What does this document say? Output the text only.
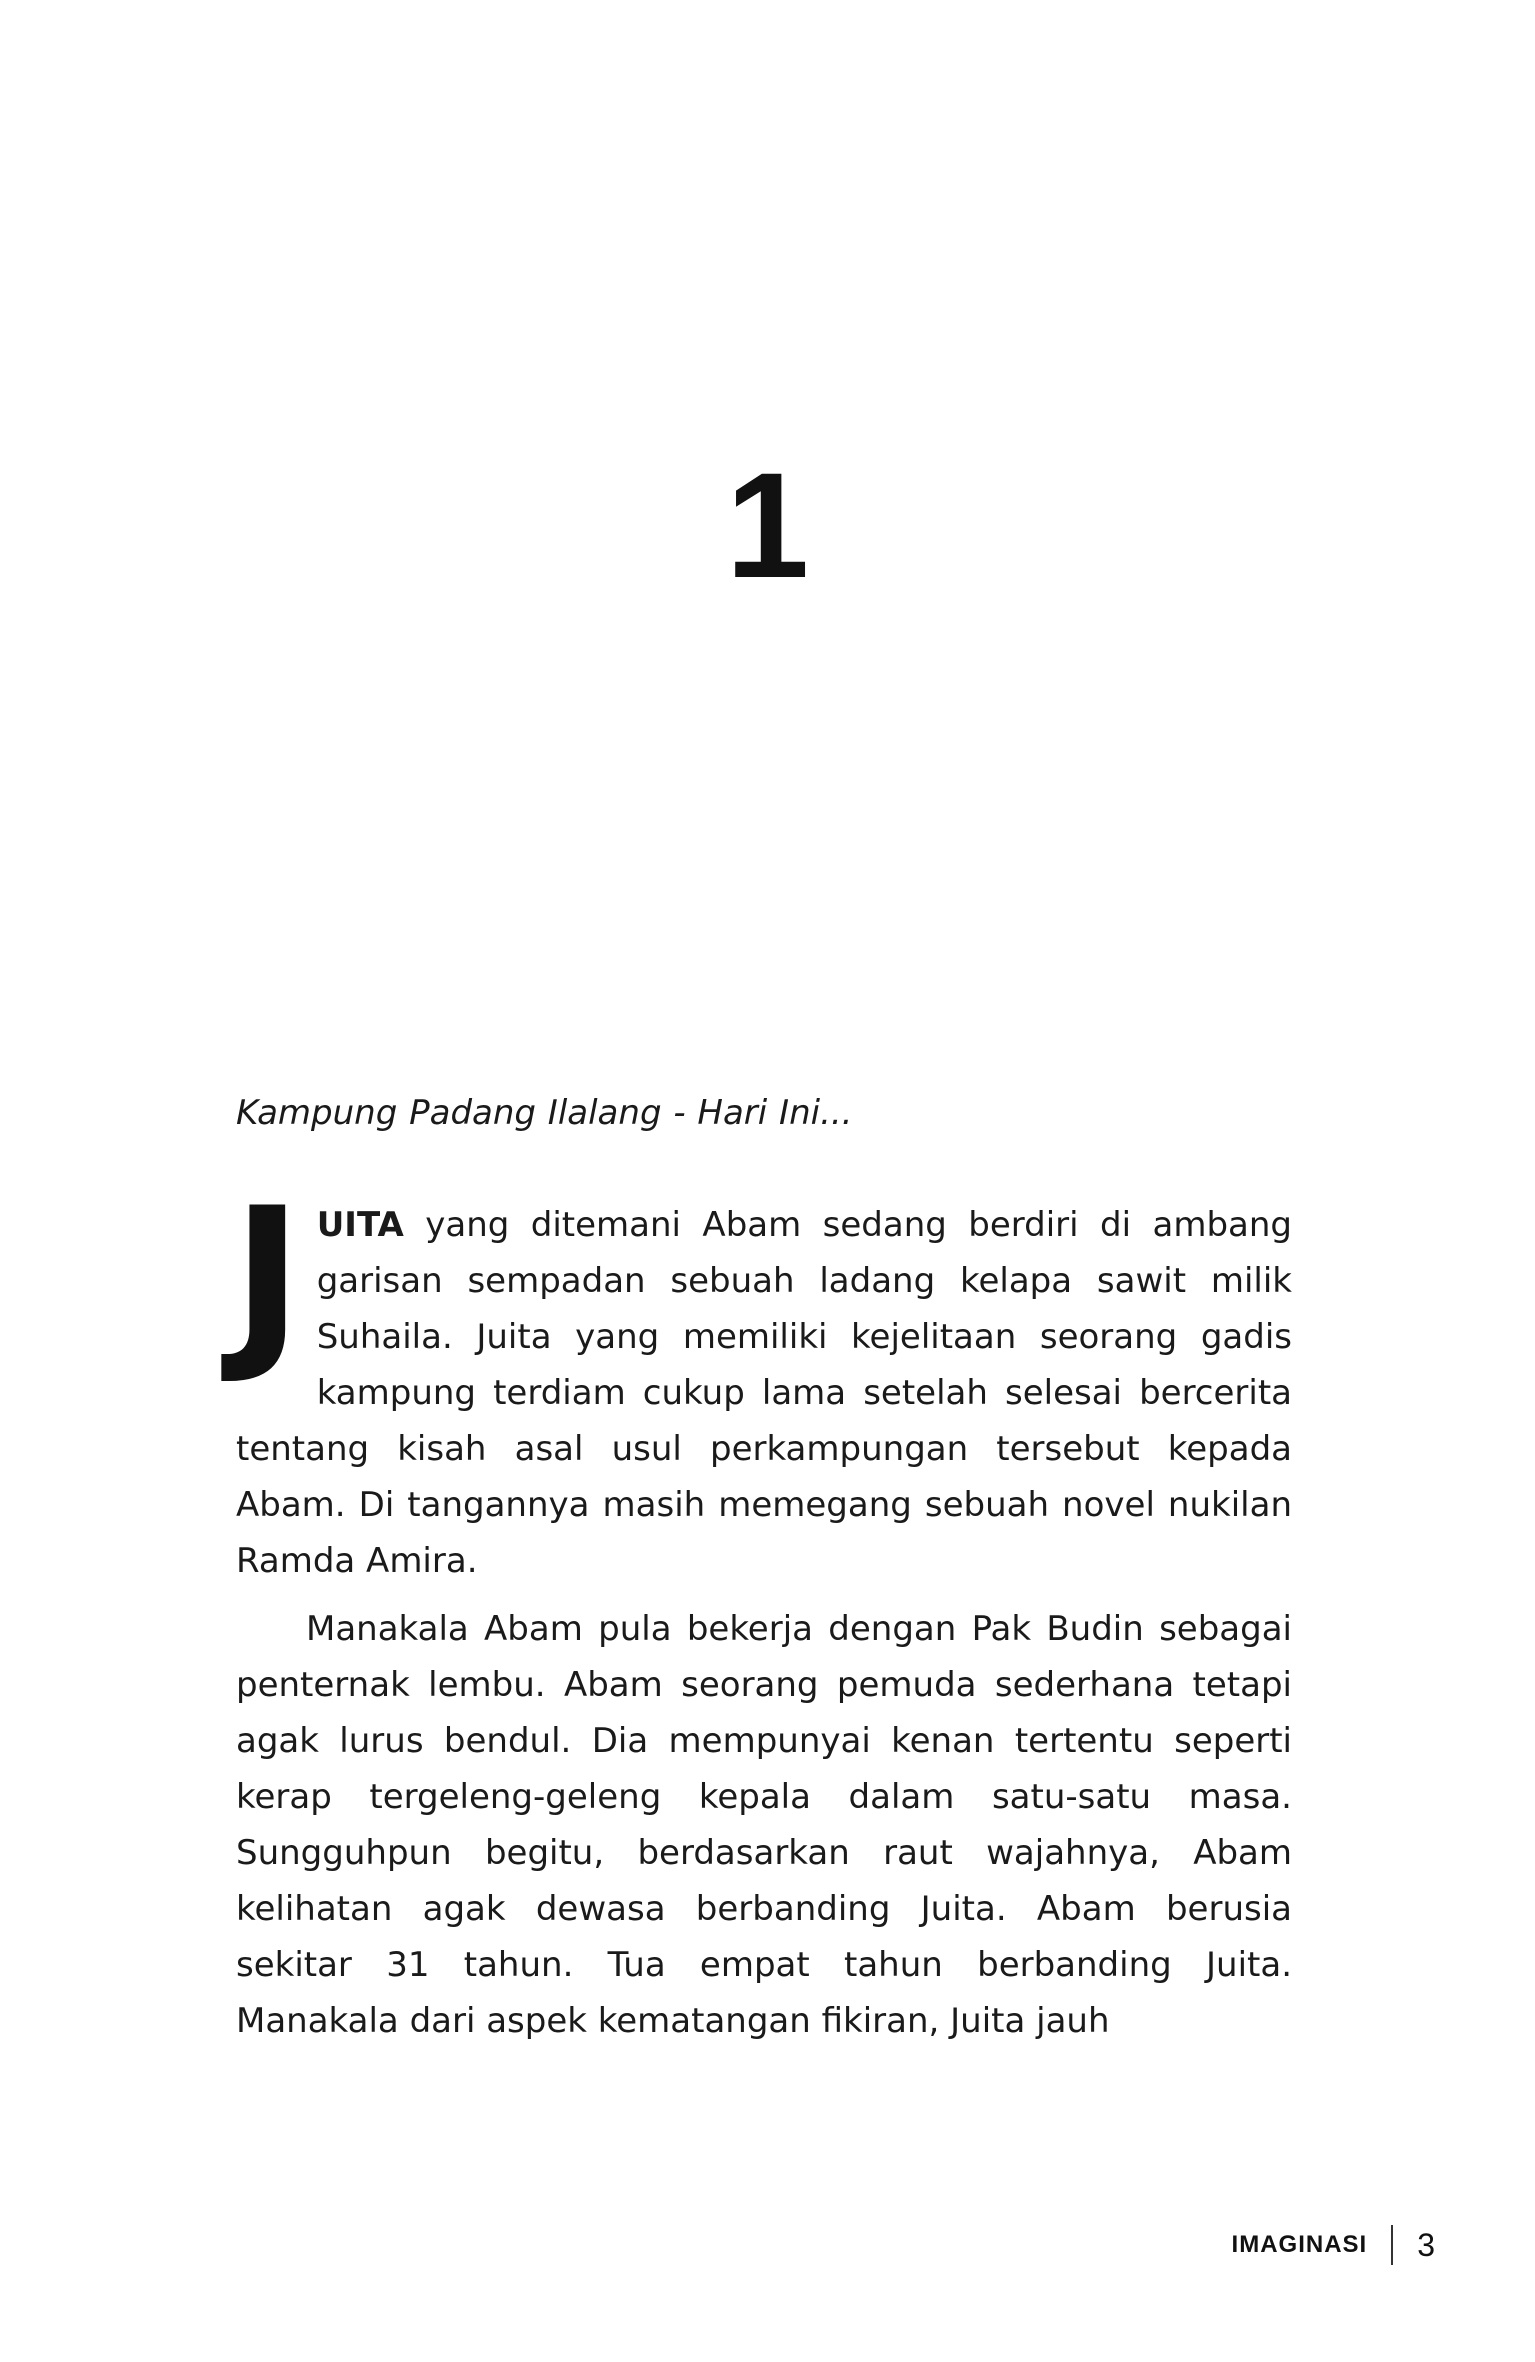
1

Kampung Padang Ilalang - Hari Ini...

JUITA yang ditemani Abam sedang berdiri di ambang garisan sempadan sebuah ladang kelapa sawit milik Suhaila. Juita yang memiliki kejelitaan seorang gadis kampung terdiam cukup lama setelah selesai bercerita tentang kisah asal usul perkampungan tersebut kepada Abam. Di tangannya masih memegang sebuah novel nukilan Ramda Amira.

Manakala Abam pula bekerja dengan Pak Budin sebagai penternak lembu. Abam seorang pemuda sederhana tetapi agak lurus bendul. Dia mempunyai kenan tertentu seperti kerap tergeleng-geleng kepala dalam satu-satu masa. Sungguhpun begitu, berdasarkan raut wajahnya, Abam kelihatan agak dewasa berbanding Juita. Abam berusia sekitar 31 tahun. Tua empat tahun berbanding Juita. Manakala dari aspek kematangan fikiran, Juita jauh

IMAGINASI 3
